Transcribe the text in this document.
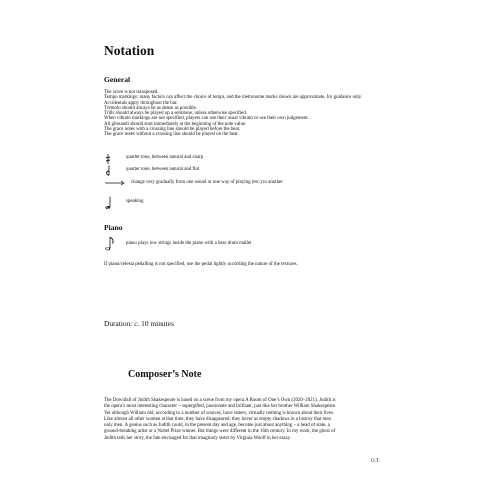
Notation
General
The score is not transposed.
Tempo markings: many factors can affect the choice of tempi, and the metronome marks shown are approximate, for guidance only.
Accidentals apply throughout the bar.
Tremolo should always be as dense as possible.
Trills should always be played up a semitone, unless otherwise specified.
When vibrato markings are not specified, players can use their usual vibrato or use their own judgement.
All glissandi should start immediately at the beginning of the note value.
The grace notes with a crossing line should be played before the beat.
The grace notes without a crossing line should be played on the beat.
quarter tone, between natural and sharp
quarter tone, between natural and flat
change very gradually from one sound or one way of playing (etc.) to another
speaking
Piano
piano plays low strings inside the piano with a bass drum mallet
If piano/celesta pedalling is not specified, use the pedal lightly according the nature of the textures.
Duration: c. 10 minutes
Composer’s Note
The Downfall of Judith Shakespeare is based on a scene from my opera A Room of One’s Own (2020–2021). Judith is
the opera’s most interesting character – supergifted, passionate and brilliant, just like her brother William Shakespeare.
Yet although William did, according to a number of sources, have sisters, virtually nothing is known about their lives.
Like almost all other women at that time, they have disappeared; they hover as empty shadows in a history that men
only men. A genius such as Judith could, in the present day and age, become just about anything – a head of state, a
ground-breaking artist or a Nobel Prize winner. But things were different in the 16th century. In my work, the ghost of
Judith tells her story, the fate envisaged for that imaginary sister by Virginia Woolf in her essay.
O.T.
